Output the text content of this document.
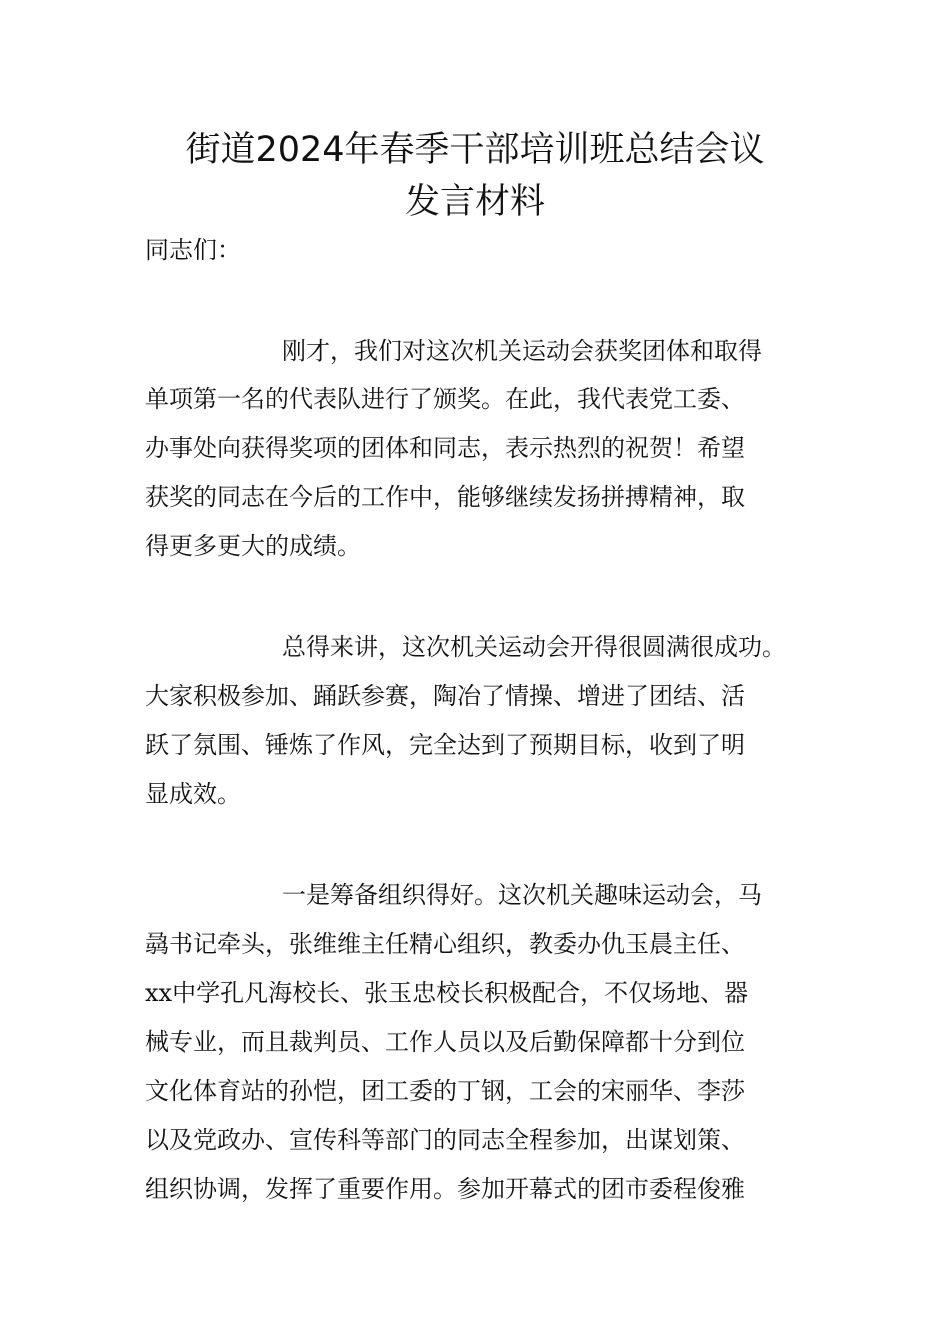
街道2024年春季干部培训班总结会议
发言材料
同志们：
刚才，我们对这次机关运动会获奖团体和取得
单项第一名的代表队进行了颁奖。在此，我代表党工委、
办事处向获得奖项的团体和同志，表示热烈的祝贺！希望
获奖的同志在今后的工作中，能够继续发扬拼搏精神，取
得更多更大的成绩。
总得来讲，这次机关运动会开得很圆满很成功。
大家积极参加、踊跃参赛，陶冶了情操、增进了团结、活
跃了氛围、锤炼了作风，完全达到了预期目标，收到了明
显成效。
一是筹备组织得好。这次机关趣味运动会，马
骉书记牵头，张维维主任精心组织，教委办仇玉晨主任、
xx中学孔凡海校长、张玉忠校长积极配合，不仅场地、器
械专业，而且裁判员、工作人员以及后勤保障都十分到位
文化体育站的孙恺，团工委的丁钢，工会的宋丽华、李莎
以及党政办、宣传科等部门的同志全程参加，出谋划策、
组织协调，发挥了重要作用。参加开幕式的团市委程俊雅
